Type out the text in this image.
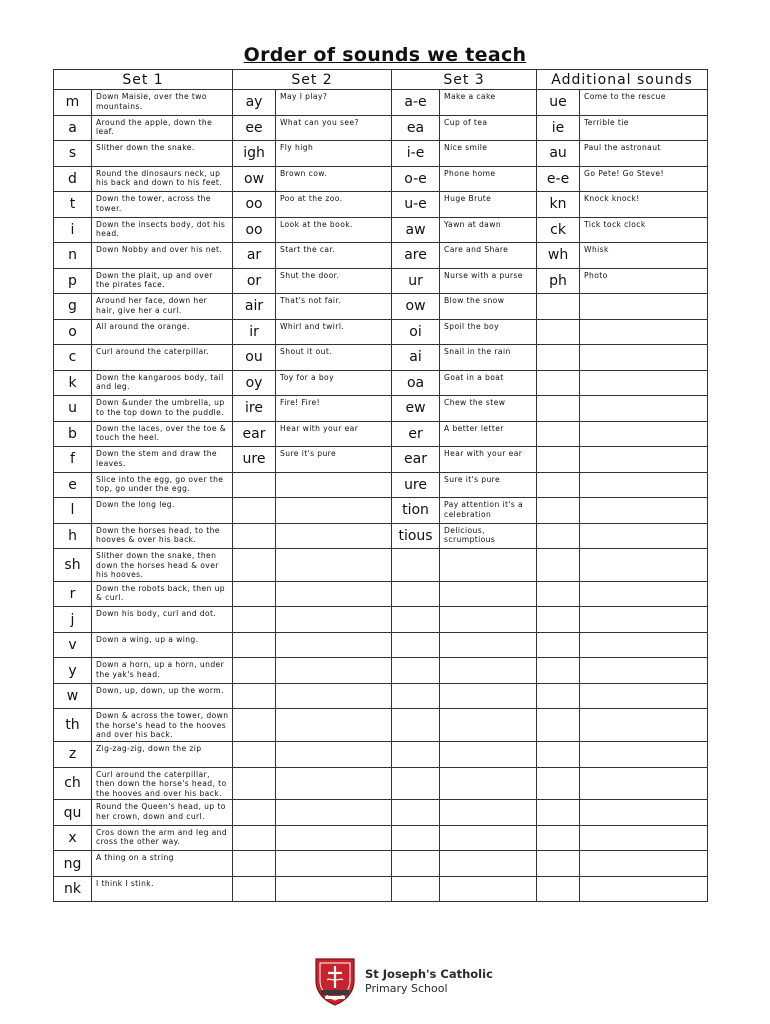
Order of sounds we teach
Set 1		Set 2		Set 3		Additional sounds	
m	Down Maisie, over the two mountains.	ay	May I play?	a-e	Make a cake	ue	Come to the rescue
a	Around the apple, down the leaf.	ee	What can you see?	ea	Cup of tea	ie	Terrible tie
s	Slither down the snake.	igh	Fly high	i-e	Nice smile	au	Paul the astronaut
d	Round the dinosaurs neck, up his back and down to his feet.	ow	Brown cow.	o-e	Phone home	e-e	Go Pete! Go Steve!
t	Down the tower, across the tower.	oo	Poo at the zoo.	u-e	Huge Brute	kn	Knock knock!
i	Down the insects body, dot his head.	oo	Look at the book.	aw	Yawn at dawn	ck	Tick tock clock
n	Down Nobby and over his net.	ar	Start the car.	are	Care and Share	wh	Whisk
p	Down the plait, up and over the pirates face.	or	Shut the door.	ur	Nurse with a purse	ph	Photo
g	Around her face, down her hair, give her a curl.	air	That's not fair.	ow	Blow the snow		
o	All around the orange.	ir	Whirl and twirl.	oi	Spoil the boy		
c	Curl around the caterpillar.	ou	Shout it out.	ai	Snail in the rain		
k	Down the kangaroos body, tail and leg.	oy	Toy for a boy	oa	Goat in a boat		
u	Down &under the umbrella, up to the top down to the puddle.	ire	Fire! Fire!	ew	Chew the stew		
b	Down the laces, over the toe & touch the heel.	ear	Hear with your ear	er	A better letter		
f	Down the stem and draw the leaves.	ure	Sure it's pure	ear	Hear with your ear		
e	Slice into the egg, go over the top, go under the egg.			ure	Sure it's pure		
l	Down the long leg.			tion	Pay attention it's a celebration		
h	Down the horses head, to the hooves & over his back.			tious	Delicious, scrumptious		
sh	Slither down the snake, then down the horses head & over his hooves.						
r	Down the robots back, then up & curl.						
j	Down his body, curl and dot.						
v	Down a wing, up a wing.						
y	Down a horn, up a horn, under the yak's head.						
w	Down, up, down, up the worm.						
th	Down & across the tower, down the horse's head to the hooves and over his back.						
z	Zig-zag-zig, down the zip						
ch	Curl around the caterpillar, then down the horse's head, to the hooves and over his back.						
qu	Round the Queen's head, up to her crown, down and curl.						
x	Cros down the arm and leg and cross the other way.						
ng	A thing on a string						
nk	I think I stink.						
St Joseph's Catholic
Primary School
